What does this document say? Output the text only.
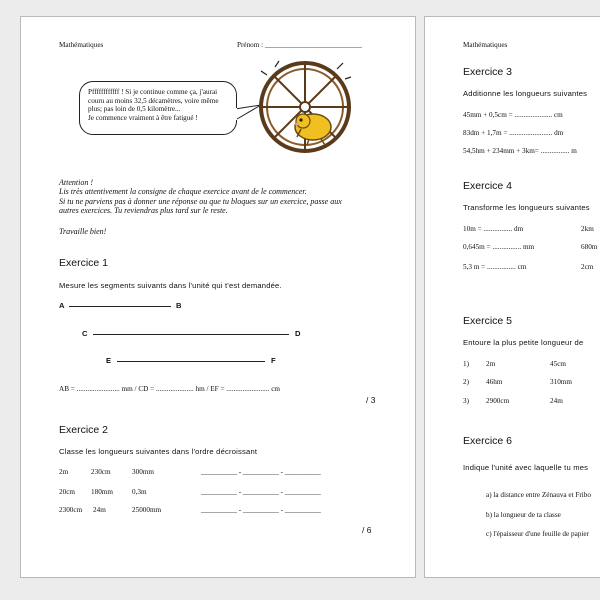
Mathématiques	Prénom : ___________________________
Pffffffffffff ! Si je continue comme ça, j'aurai
couru au moins 32,5 décamètres, voire même
plus; pas loin de 0,5 kilomètre...
Je commence vraiment à être fatigué !
Attention !
Lis très attentivement la consigne de chaque exercice avant de le commencer.
Si tu ne parviens pas à donner une réponse ou que tu bloques sur un exercice, passe aux
autres exercices. Tu reviendras plus tard sur le reste.
Travaille bien!
Exercice 1
Mesure les segments suivants dans l'unité qui t'est demandée.
A	B
C	D
E	F
AB = ........................ mm / CD = ..................... hm / EF = ........................ cm
/ 3
Exercice 2
Classe les longueurs suivantes dans l'ordre décroissant
2m	230cm	300mm	__________ - __________ - __________
20cm 180mm	0,3m	__________ - __________ - __________
2300cm 24m	25000mm	__________ - __________ - __________
/ 6
Mathématiques
Exercice 3
Additionne les longueurs suivantes
45mm + 0,5cm = ..................... cm
83dm + 1,7m = ........................ dm
54,5hm + 234mm + 3km= ................ m
Exercice 4
Transforme les longueurs suivantes
10m = ................ dm	2km
0,645m = ................ mm	680m
5,3 m = ................ cm	2cm
Exercice 5
Entoure la plus petite longueur de
1) 2m	45cm
2) 46hm	310mm
3) 2900cm	24m
Exercice 6
Indique l'unité avec laquelle tu mes
a) la distance entre Zénauva et Fribo
b) la longueur de ta classe
c) l'épaisseur d'une feuille de papier
